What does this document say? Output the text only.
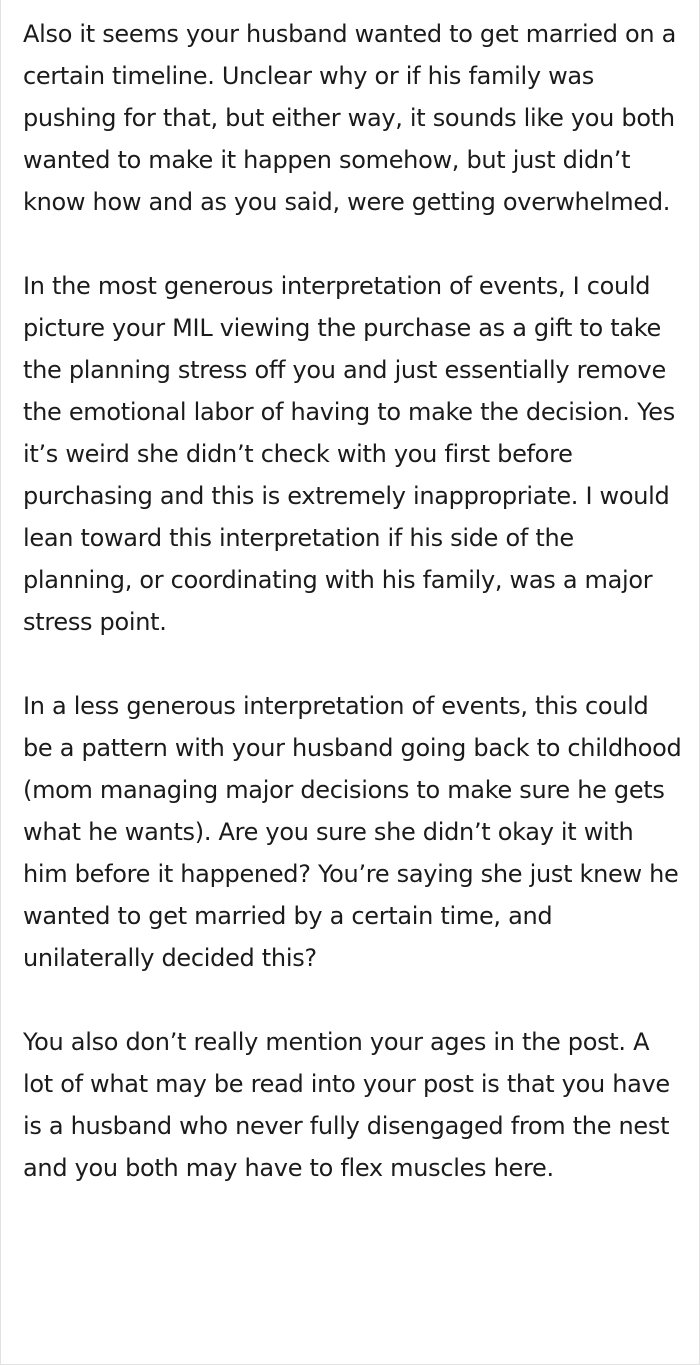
Also it seems your husband wanted to get married on a certain timeline. Unclear why or if his family was pushing for that, but either way, it sounds like you both wanted to make it happen somehow, but just didn’t know how and as you said, were getting overwhelmed.

In the most generous interpretation of events, I could picture your MIL viewing the purchase as a gift to take the planning stress off you and just essentially remove the emotional labor of having to make the decision. Yes it’s weird she didn’t check with you first before purchasing and this is extremely inappropriate. I would lean toward this interpretation if his side of the planning, or coordinating with his family, was a major stress point.

In a less generous interpretation of events, this could be a pattern with your husband going back to childhood (mom managing major decisions to make sure he gets what he wants). Are you sure she didn’t okay it with him before it happened? You’re saying she just knew he wanted to get married by a certain time, and unilaterally decided this?

You also don’t really mention your ages in the post. A lot of what may be read into your post is that you have is a husband who never fully disengaged from the nest and you both may have to flex muscles here.
